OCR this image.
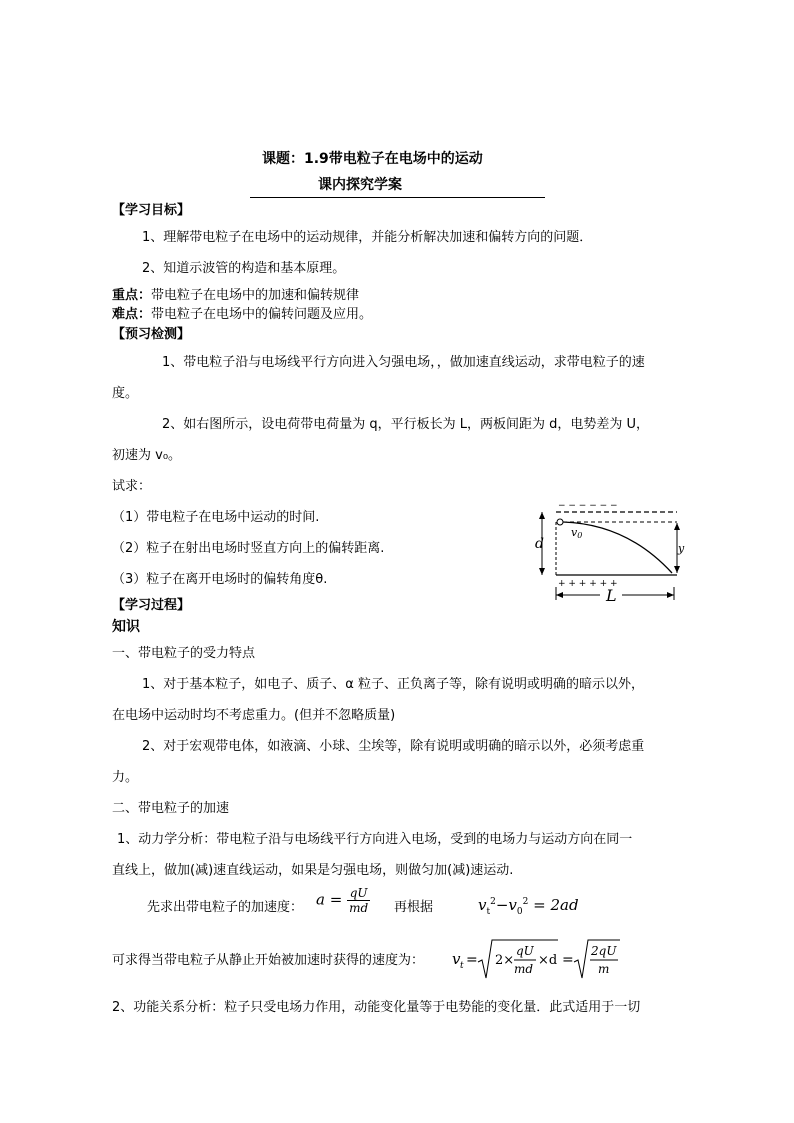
课题：1.9带电粒子在电场中的运动
课内探究学案
【学习目标】
1、理解带电粒子在电场中的运动规律，并能分析解决加速和偏转方向的问题．
2、知道示波管的构造和基本原理。
重点：带电粒子在电场中的加速和偏转规律
难点：带电粒子在电场中的偏转问题及应用。
【预习检测】
1、带电粒子沿与电场线平行方向进入匀强电场，，做加速直线运动，求带电粒子的速
度。
2、如右图所示，设电荷带电荷量为 q，平行板长为 L，两板间距为 d，电势差为 U，
初速为 v₀。
试求：
（1）带电粒子在电场中运动的时间.
（2）粒子在射出电场时竖直方向上的偏转距离.
（3）粒子在离开电场时的偏转角度θ.
− − − − − −
+ + + + + +
d
v0
y
L
【学习过程】
知识
一、带电粒子的受力特点
1、对于基本粒子，如电子、质子、α 粒子、正负离子等，除有说明或明确的暗示以外，
在电场中运动时均不考虑重力。(但并不忽略质量)
2、对于宏观带电体，如液滴、小球、尘埃等，除有说明或明确的暗示以外，必须考虑重
力。
二、带电粒子的加速
1、动力学分析：带电粒子沿与电场线平行方向进入电场，受到的电场力与运动方向在同一
直线上，做加(减)速直线运动，如果是匀强电场，则做匀加(减)速运动.
先求出带电粒子的加速度： $a = \frac{qU}{md}$ 再根据	$v_t^2-v_0^2 = 2ad$
可求得当带电粒子从静止开始被加速时获得的速度为： v t = 2×
qU
md
×d =
2qU
m
2、功能关系分析：粒子只受电场力作用，动能变化量等于电势能的变化量．此式适用于一切
